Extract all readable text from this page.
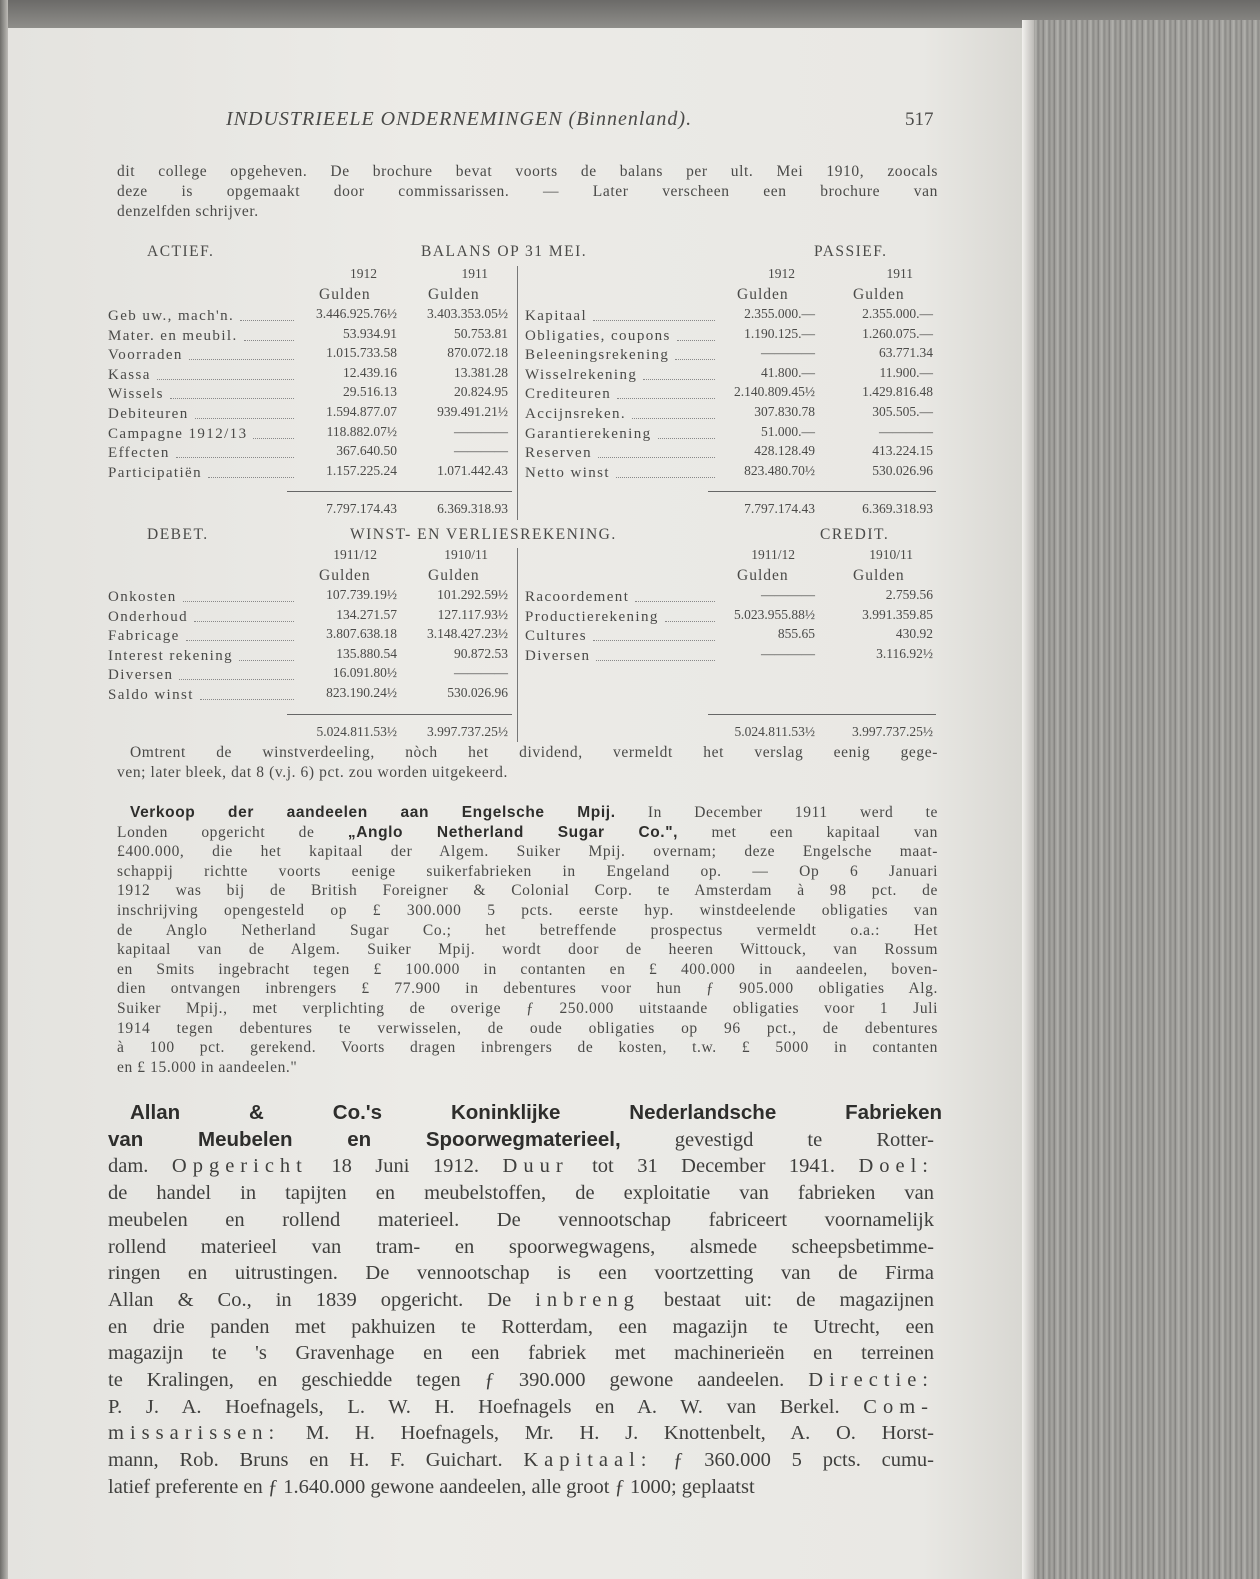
INDUSTRIEELE ONDERNEMINGEN (Binnenland).	517
ACTIEF.	BALANS OP 31 MEI.	PASSIEF.
DEBET.	WINST- EN VERLIESREKENING.	CREDIT.
1912	1911
Gulden	Gulden
1912	1911
Gulden	Gulden
Geb uw., mach'n.	3.446.925.76½	3.403.353.05½
Mater. en meubil.	53.934.91	50.753.81
Voorraden	1.015.733.58	870.072.18
Kassa	12.439.16	13.381.28
Wissels	29.516.13	20.824.95
Debiteuren	1.594.877.07	939.491.21½
Campagne 1912/13	118.882.07½	————
Effecten	367.640.50	————
Participatiën	1.157.225.24	1.071.442.43
Kapitaal	2.355.000.—	2.355.000.—
Obligaties, coupons	1.190.125.—	1.260.075.—
Beleeningsrekening	————	63.771.34
Wisselrekening	41.800.—	11.900.—
Crediteuren	2.140.809.45½	1.429.816.48
Accijnsreken.	307.830.78	305.505.—
Garantierekening	51.000.—	————
Reserven	428.128.49	413.224.15
Netto winst	823.480.70½	530.026.96
7.797.174.43	6.369.318.93	7.797.174.43	6.369.318.93
1911/12	1910/11
Gulden	Gulden
1911/12	1910/11
Gulden	Gulden
Onkosten	107.739.19½	101.292.59½
Onderhoud	134.271.57	127.117.93½
Fabricage	3.807.638.18	3.148.427.23½
Interest rekening	135.880.54	90.872.53
Diversen	16.091.80½	————
Saldo winst	823.190.24½	530.026.96
Racoordement	————	2.759.56
Productierekening	5.023.955.88½	3.991.359.85
Cultures	855.65	430.92
Diversen	————	3.116.92½
5.024.811.53½	3.997.737.25½	5.024.811.53½	3.997.737.25½
dit college opgeheven. De brochure bevat voorts de balans per ult. Mei 1910, zoocals
deze is opgemaakt door commissarissen. — Later verscheen een brochure van
denzelfden schrijver.
Omtrent de winstverdeeling, nòch het dividend, vermeldt het verslag eenig gege-
ven; later bleek, dat 8 (v.j. 6) pct. zou worden uitgekeerd.
Verkoop der aandeelen aan Engelsche Mpij. In December 1911 werd te
Londen opgericht de „Anglo Netherland Sugar Co.", met een kapitaal van
£400.000, die het kapitaal der Algem. Suiker Mpij. overnam; deze Engelsche maat-
schappij richtte voorts eenige suikerfabrieken in Engeland op. — Op 6 Januari
1912 was bij de British Foreigner & Colonial Corp. te Amsterdam à 98 pct. de
inschrijving opengesteld op £ 300.000 5 pcts. eerste hyp. winstdeelende obligaties van
de Anglo Netherland Sugar Co.; het betreffende prospectus vermeldt o.a.: Het
kapitaal van de Algem. Suiker Mpij. wordt door de heeren Wittouck, van Rossum
en Smits ingebracht tegen £ 100.000 in contanten en £ 400.000 in aandeelen, boven-
dien ontvangen inbrengers £ 77.900 in debentures voor hun ƒ 905.000 obligaties Alg.
Suiker Mpij., met verplichting de overige ƒ 250.000 uitstaande obligaties voor 1 Juli
1914 tegen debentures te verwisselen, de oude obligaties op 96 pct., de debentures
à 100 pct. gerekend. Voorts dragen inbrengers de kosten, t.w. £ 5000 in contanten
en £ 15.000 in aandeelen."
Allan & Co.'s Koninklijke Nederlandsche Fabrieken
van Meubelen en Spoorwegmaterieel, gevestigd te Rotter-
dam. Opgericht 18 Juni 1912. Duur tot 31 December 1941. Doel:
de handel in tapijten en meubelstoffen, de exploitatie van fabrieken van
meubelen en rollend materieel. De vennootschap fabriceert voornamelijk
rollend materieel van tram- en spoorwegwagens, alsmede scheepsbetimme-
ringen en uitrustingen. De vennootschap is een voortzetting van de Firma
Allan & Co., in 1839 opgericht. De inbreng bestaat uit: de magazijnen
en drie panden met pakhuizen te Rotterdam, een magazijn te Utrecht, een
magazijn te 's Gravenhage en een fabriek met machinerieën en terreinen
te Kralingen, en geschiedde tegen ƒ 390.000 gewone aandeelen. Directie:
P. J. A. Hoefnagels, L. W. H. Hoefnagels en A. W. van Berkel. Com-
missarissen: M. H. Hoefnagels, Mr. H. J. Knottenbelt, A. O. Horst-
mann, Rob. Bruns en H. F. Guichart. Kapitaal: ƒ 360.000 5 pcts. cumu-
latief preferente en ƒ 1.640.000 gewone aandeelen, alle groot ƒ 1000; geplaatst
